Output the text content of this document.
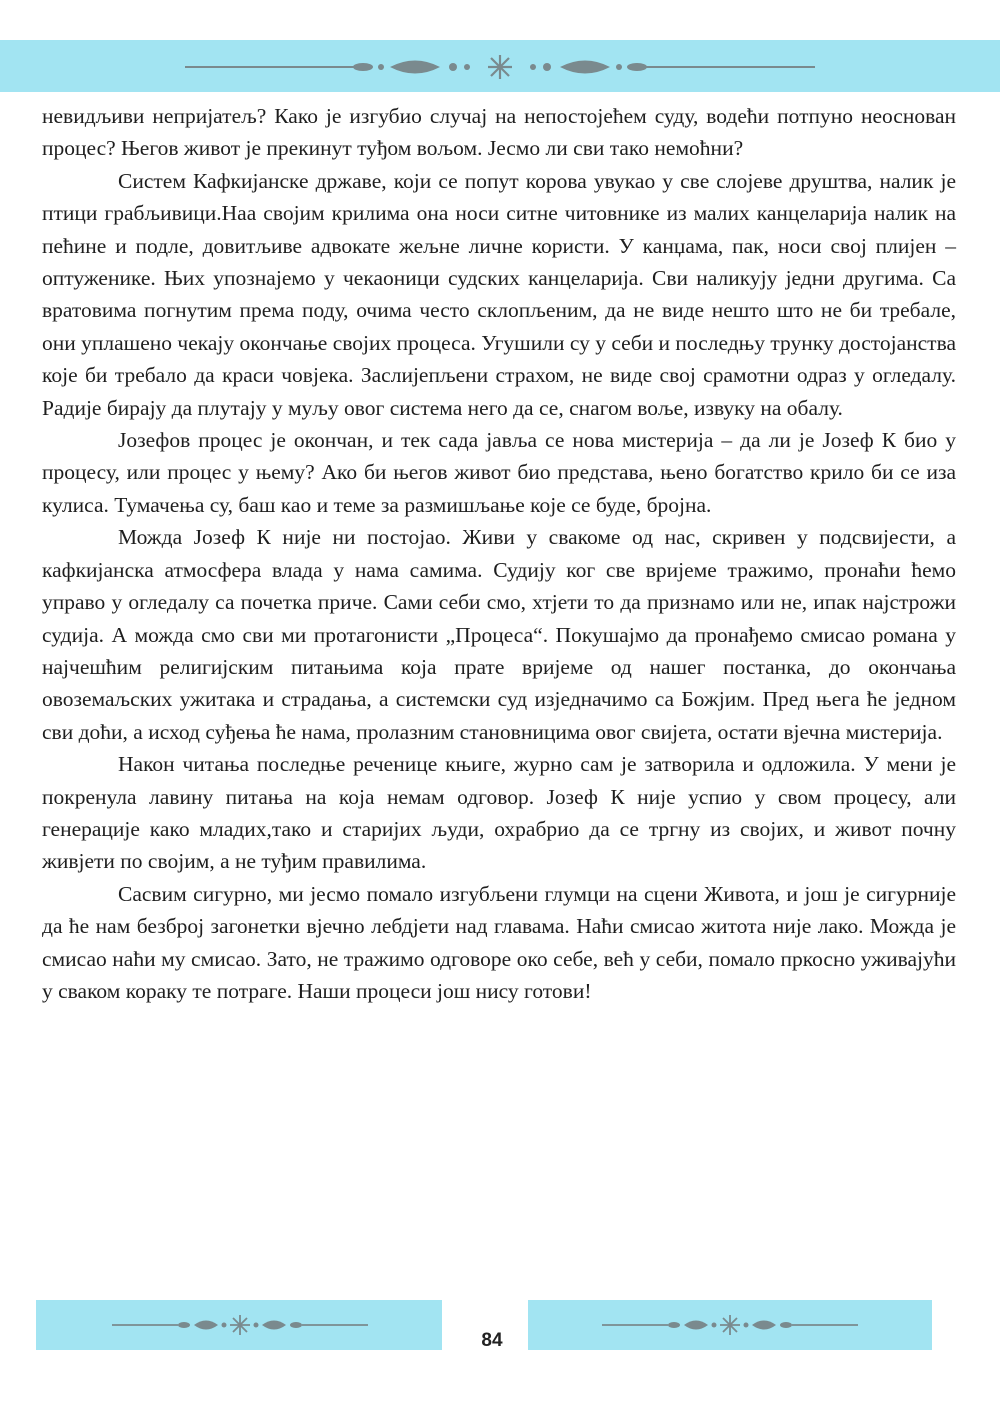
невидљиви непријатељ? Како је изгубио случај на непостојећем суду, водећи потпуно неоснован процес? Његов живот је прекинут туђом вољом. Јесмо ли сви тако немоћни?

Систем Кафкијанске државе, који се попут корова увукао у све слојеве друштва, налик је птици грабљивици.Наа својим крилима она носи ситне читовнике из малих канцеларија налик на пећине и подле, довитљиве адвокате жељне личне користи. У канџама, пак, носи свој плијен – оптуженике. Њих упознајемо у чекаоници судских канцеларија. Сви наликују једни другима. Са вратовима погнутим према поду, очима често склопљеним, да не виде нешто што не би требале, они уплашено чекају окончање својих процеса. Угушили су у себи и последњу трунку достојанства које би требало да краси човјека. Заслијепљени страхом, не виде свој срамотни одраз у огледалу. Радије бирају да плутају у муљу овог система него да се, снагом воље, извуку на обалу.

Јозефов процес је окончан, и тек сада јавља се нова мистерија – да ли је Јозеф К био у процесу, или процес у њему? Ако би његов живот био представа, њено богатство крило би се иза кулиса. Тумачења су, баш као и теме за размишљање које се буде, бројна.

Можда Јозеф К није ни постојао. Живи у свакоме од нас, скривен у подсвијести, а кафкијанска атмосфера влада у нама самима. Судију ког све вријеме тражимо, пронаћи ћемо управо у огледалу са почетка приче. Сами себи смо, хтјети то да признамо или не, ипак најстрожи судија. А можда смо сви ми протагонисти „Процеса“. Покушајмо да пронађемо смисао романа у најчешћим религијским питањима која прате вријеме од нашег постанка, до окончања овоземаљских ужитака и страдања, а системски суд изједначимо са Божјим. Пред њега ће једном сви доћи, а исход суђења ће нама, пролазним становницима овог свијета, остати вјечна мистерија.

Након читања последње реченице књиге, журно сам је затворила и одложила. У мени је покренула лавину питања на која немам одговор. Јозеф К није успио у свом процесу, али генерације како младих,тако и старијих људи, охрабрио да се тргну из својих, и живот почну живјети по својим, а не туђим правилима.

Сасвим сигурно, ми јесмо помало изгубљени глумци на сцени Живота, и још је сигурније да ће нам безброј загонетки вјечно лебдјети над главама. Наћи смисао житота није лако. Можда је смисао наћи му смисао. Зато, не тражимо одговоре око себе, већ у себи, помало пркосно уживајући у сваком кораку те потраге. Наши процеси још нису готови!

84
